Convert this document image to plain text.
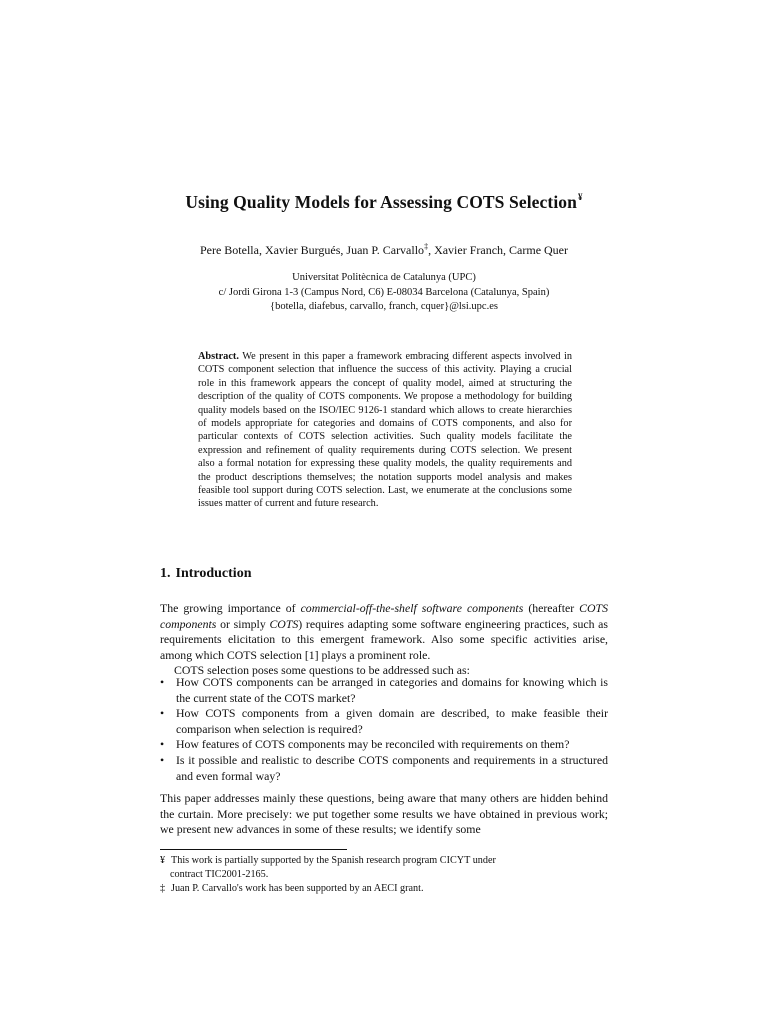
Using Quality Models for Assessing COTS Selection¥
Pere Botella, Xavier Burgués, Juan P. Carvallo‡, Xavier Franch, Carme Quer
Universitat Politècnica de Catalunya (UPC)
c/ Jordi Girona 1-3 (Campus Nord, C6) E-08034 Barcelona (Catalunya, Spain)
{botella, diafebus, carvallo, franch, cquer}@lsi.upc.es
Abstract. We present in this paper a framework embracing different aspects involved in COTS component selection that influence the success of this activity. Playing a crucial role in this framework appears the concept of quality model, aimed at structuring the description of the quality of COTS components. We propose a methodology for building quality models based on the ISO/IEC 9126-1 standard which allows to create hierarchies of models appropriate for categories and domains of COTS components, and also for particular contexts of COTS selection activities. Such quality models facilitate the expression and refinement of quality requirements during COTS selection. We present also a formal notation for expressing these quality models, the quality requirements and the product descriptions themselves; the notation supports model analysis and makes feasible tool support during COTS selection. Last, we enumerate at the conclusions some issues matter of current and future research.
1. Introduction
The growing importance of commercial-off-the-shelf software components (hereafter COTS components or simply COTS) requires adapting some software engineering practices, such as requirements elicitation to this emergent framework. Also some specific activities arise, among which COTS selection [1] plays a prominent role.
COTS selection poses some questions to be addressed such as:
• How COTS components can be arranged in categories and domains for knowing which is the current state of the COTS market?
• How COTS components from a given domain are described, to make feasible their comparison when selection is required?
• How features of COTS components may be reconciled with requirements on them?
• Is it possible and realistic to describe COTS components and requirements in a structured and even formal way?
This paper addresses mainly these questions, being aware that many others are hidden behind the curtain. More precisely: we put together some results we have obtained in previous work; we present new advances in some of these results; we identify some
¥ This work is partially supported by the Spanish research program CICYT under
contract TIC2001-2165.
‡ Juan P. Carvallo's work has been supported by an AECI grant.
